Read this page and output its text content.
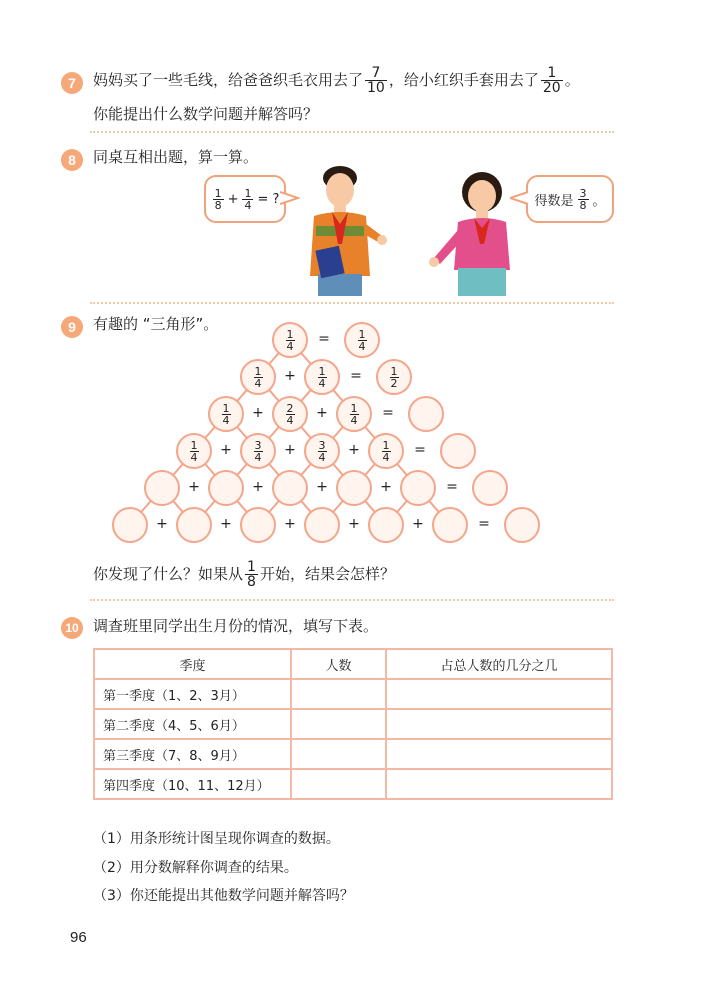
7 妈妈买了一些毛线，给爸爸织毛衣用去了 $\frac{7}{10}$ ，给小红织手套用去了 $\frac{1}{20}$ 。
你能提出什么数学问题并解答吗？
8 同桌互相出题，算一算。
$\frac{1}{8} + \frac{1}{4}$ = ?	得数是 $\frac{3}{8}$ 。
9 有趣的 “三角形”。
$\frac{1}{4}$ =	$\frac{1}{4}$
$\frac{1}{4} + \frac{1}{4}$ =	$\frac{1}{2}$
$\frac{1}{4} + \frac{2}{4} + \frac{1}{4}$ =
$\frac{1}{4} + \frac{3}{4} + \frac{3}{4} + \frac{1}{4}$ =
+	+	+	+	=
+	+	+	+	+	=
你发现了什么？如果从 $\frac{1}{8}$ 开始，结果会怎样？
10 调查班里同学出生月份的情况，填写下表。
季度	人数	占总人数的几分之几
第一季度（1、2、3月）		
第二季度（4、5、6月）		
第三季度（7、8、9月）		
第四季度（10、11、12月）		
（1）用条形统计图呈现你调查的数据。
（2）用分数解释你调查的结果。
（3）你还能提出其他数学问题并解答吗？
96
